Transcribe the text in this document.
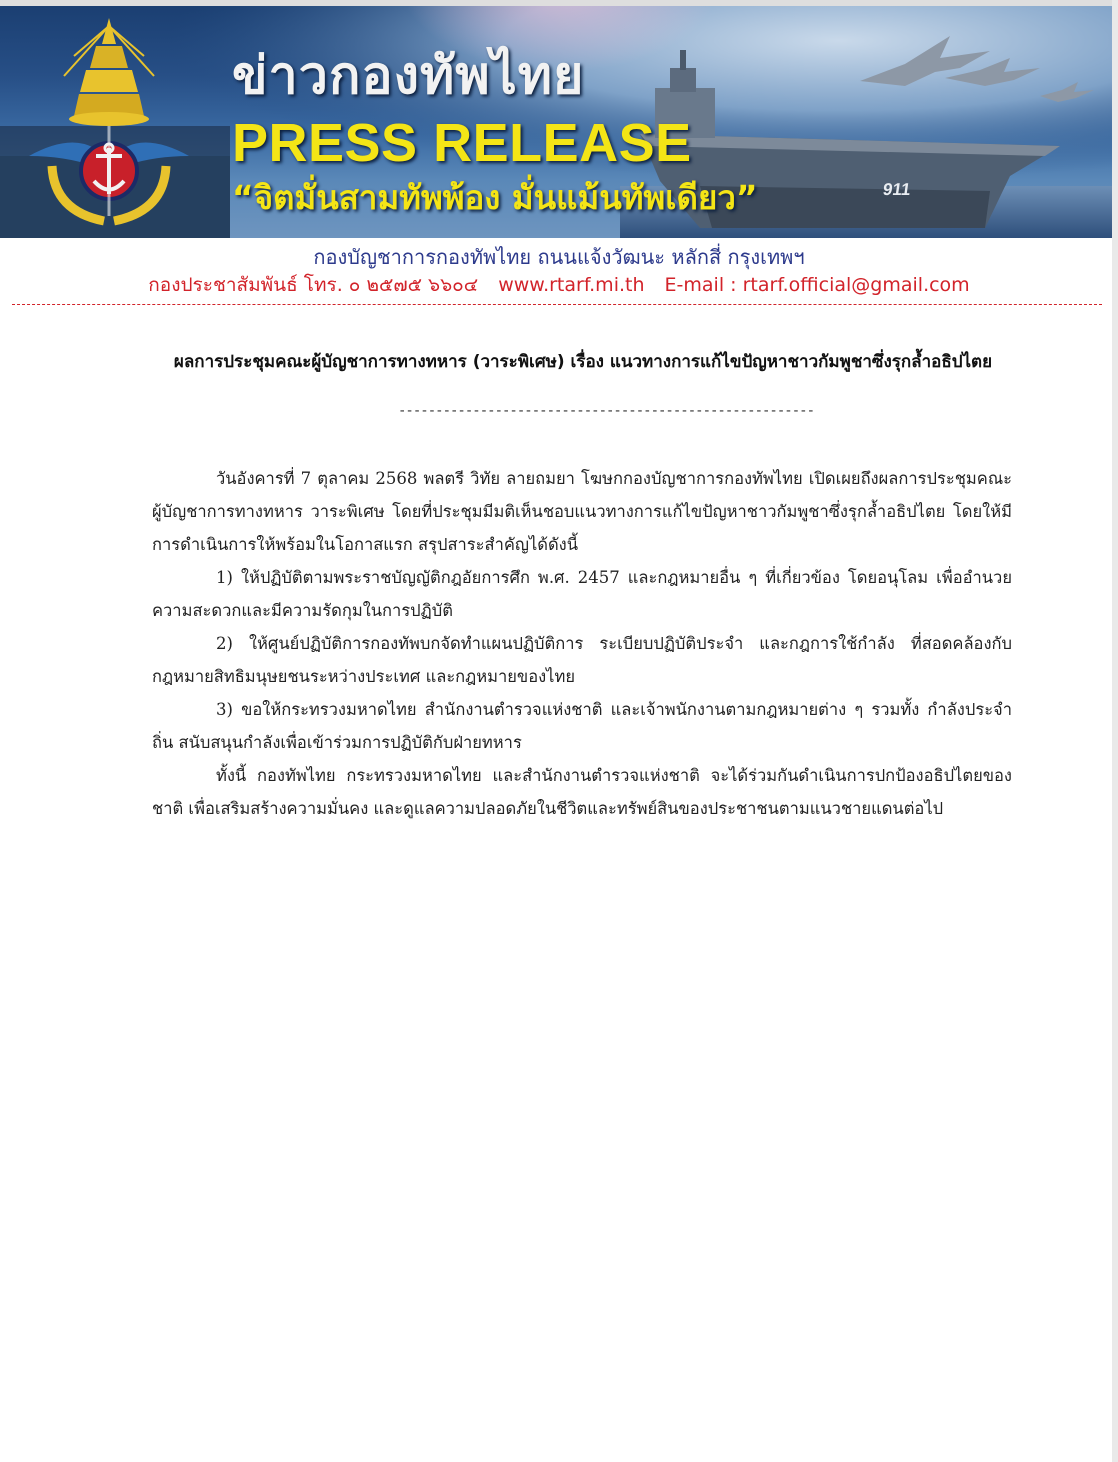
ข่าวกองทัพไทย
PRESS RELEASE
“จิตมั่นสามทัพพ้อง มั่นแม้นทัพเดียว”	911
กองบัญชาการกองทัพไทย ถนนแจ้งวัฒนะ หลักสี่ กรุงเทพฯ
กองประชาสัมพันธ์ โทร. ๐ ๒๕๗๕ ๖๖๐๔ www.rtarf.mi.th E-mail : rtarf.official@gmail.com
ผลการประชุมคณะผู้บัญชาการทางทหาร (วาระพิเศษ) เรื่อง แนวทางการแก้ไขปัญหาชาวกัมพูชาซึ่งรุกล้ำอธิปไตย
--------------------------------------------------------

วันอังคารที่ 7 ตุลาคม 2568 พลตรี วิทัย ลายถมยา โฆษกกองบัญชาการกองทัพไทย เปิดเผยถึงผลการประชุมคณะผู้บัญชาการทางทหาร วาระพิเศษ โดยที่ประชุมมีมติเห็นชอบแนวทางการแก้ไขปัญหาชาวกัมพูชาซึ่งรุกล้ำอธิปไตย โดยให้มีการดำเนินการให้พร้อมในโอกาสแรก สรุปสาระสำคัญได้ดังนี้

1) ให้ปฏิบัติตามพระราชบัญญัติกฎอัยการศึก พ.ศ. 2457 และกฎหมายอื่น ๆ ที่เกี่ยวข้อง โดยอนุโลม เพื่ออำนวยความสะดวกและมีความรัดกุมในการปฏิบัติ

2) ให้ศูนย์ปฏิบัติการกองทัพบกจัดทำแผนปฏิบัติการ ระเบียบปฏิบัติประจำ และกฎการใช้กำลัง ที่สอดคล้องกับกฎหมายสิทธิมนุษยชนระหว่างประเทศ และกฎหมายของไทย

3) ขอให้กระทรวงมหาดไทย สำนักงานตำรวจแห่งชาติ และเจ้าพนักงานตามกฎหมายต่าง ๆ รวมทั้ง กำลังประจำถิ่น สนับสนุนกำลังเพื่อเข้าร่วมการปฏิบัติกับฝ่ายทหาร

ทั้งนี้ กองทัพไทย กระทรวงมหาดไทย และสำนักงานตำรวจแห่งชาติ จะได้ร่วมกันดำเนินการปกป้องอธิปไตยของชาติ เพื่อเสริมสร้างความมั่นคง และดูแลความปลอดภัยในชีวิตและทรัพย์สินของประชาชนตามแนวชายแดนต่อไป
